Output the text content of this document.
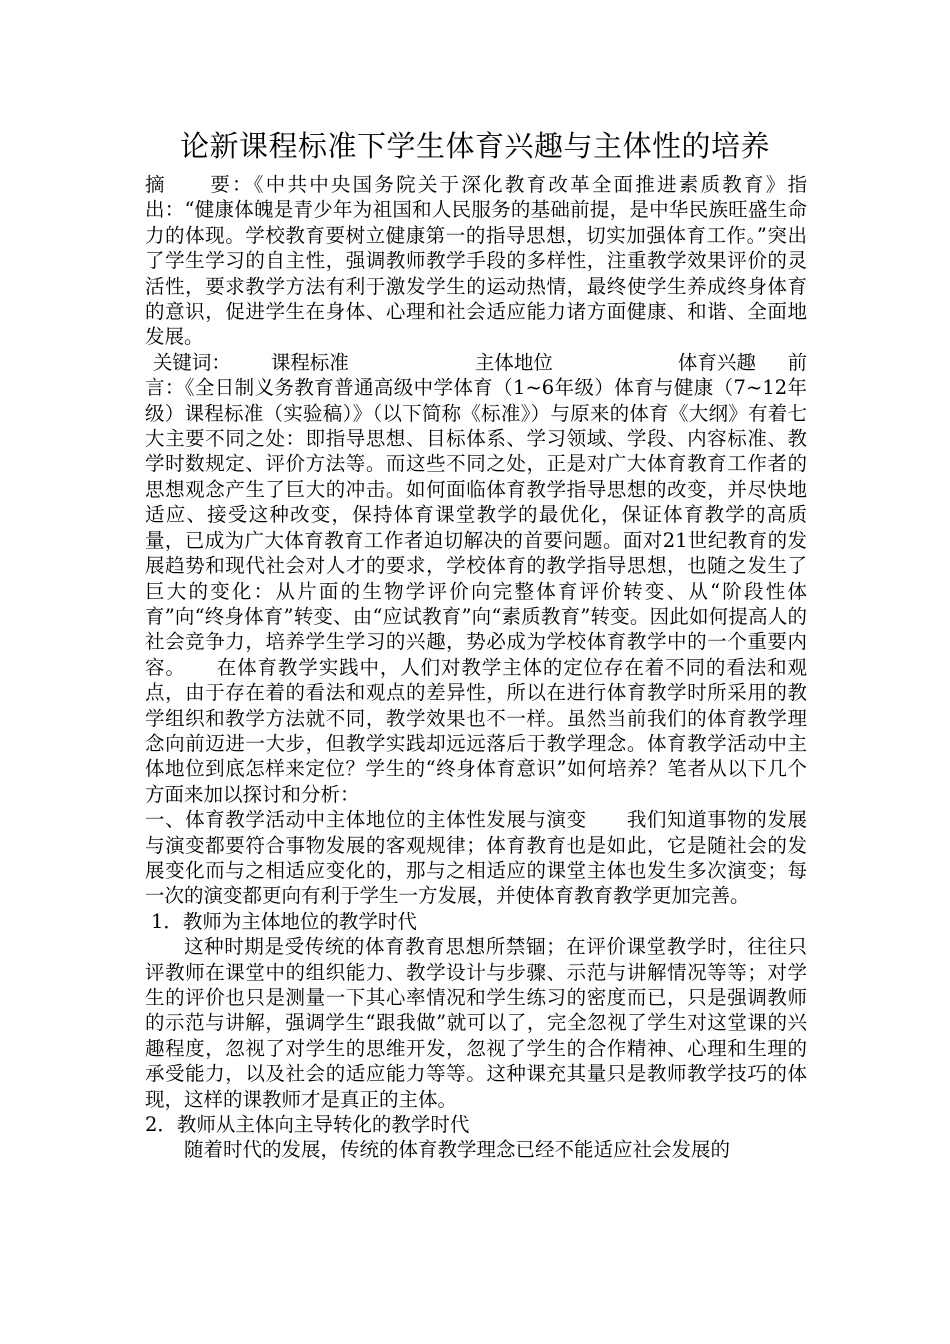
论新课程标准下学生体育兴趣与主体性的培养

摘　　要：《中共中央国务院关于深化教育改革全面推进素质教育》指出：“健康体魄是青少年为祖国和人民服务的基础前提，是中华民族旺盛生命力的体现。学校教育要树立健康第一的指导思想，切实加强体育工作。”突出了学生学习的自主性，强调教师教学手段的多样性，注重教学效果评价的灵活性，要求教学方法有利于激发学生的运动热情，最终使学生养成终身体育的意识，促进学生在身体、心理和社会适应能力诸方面健康、和谐、全面地发展。

关键词： 课程标准	主体地位	体育兴趣 前言：《全日制义务教育普通高级中学体育（1~6年级）体育与健康（7~12年级）课程标准（实验稿）》（以下简称《标准》）与原来的体育《大纲》有着七大主要不同之处：即指导思想、目标体系、学习领域、学段、内容标准、教学时数规定、评价方法等。而这些不同之处，正是对广大体育教育工作者的思想观念产生了巨大的冲击。如何面临体育教学指导思想的改变，并尽快地适应、接受这种改变，保持体育课堂教学的最优化，保证体育教学的高质量，已成为广大体育教育工作者迫切解决的首要问题。面对21世纪教育的发展趋势和现代社会对人才的要求，学校体育的教学指导思想，也随之发生了巨大的变化：从片面的生物学评价向完整体育评价转变、从“阶段性体育”向“终身体育”转变、由“应试教育”向“素质教育”转变。因此如何提高人的社会竞争力，培养学生学习的兴趣，势必成为学校体育教学中的一个重要内容。　　 在体育教学实践中，人们对教学主体的定位存在着不同的看法和观点，由于存在着的看法和观点的差异性，所以在进行体育教学时所采用的教学组织和教学方法就不同，教学效果也不一样。虽然当前我们的体育教学理念向前迈进一大步，但教学实践却远远落后于教学理念。体育教学活动中主体地位到底怎样来定位？学生的“终身体育意识”如何培养？笔者从以下几个方面来加以探讨和分析：

一、体育教学活动中主体地位的主体性发展与演变　　 我们知道事物的发展与演变都要符合事物发展的客观规律；体育教育也是如此，它是随社会的发展变化而与之相适应变化的，那与之相适应的课堂主体也发生多次演变；每一次的演变都更向有利于学生一方发展，并使体育教育教学更加完善。

1．教师为主体地位的教学时代

这种时期是受传统的体育教育思想所禁锢；在评价课堂教学时，往往只评教师在课堂中的组织能力、教学设计与步骤、示范与讲解情况等等；对学生的评价也只是测量一下其心率情况和学生练习的密度而已，只是强调教师的示范与讲解，强调学生“跟我做”就可以了，完全忽视了学生对这堂课的兴趣程度，忽视了对学生的思维开发，忽视了学生的合作精神、心理和生理的承受能力，以及社会的适应能力等等。这种课充其量只是教师教学技巧的体现，这样的课教师才是真正的主体。

2．教师从主体向主导转化的教学时代

随着时代的发展，传统的体育教学理念已经不能适应社会发展的
